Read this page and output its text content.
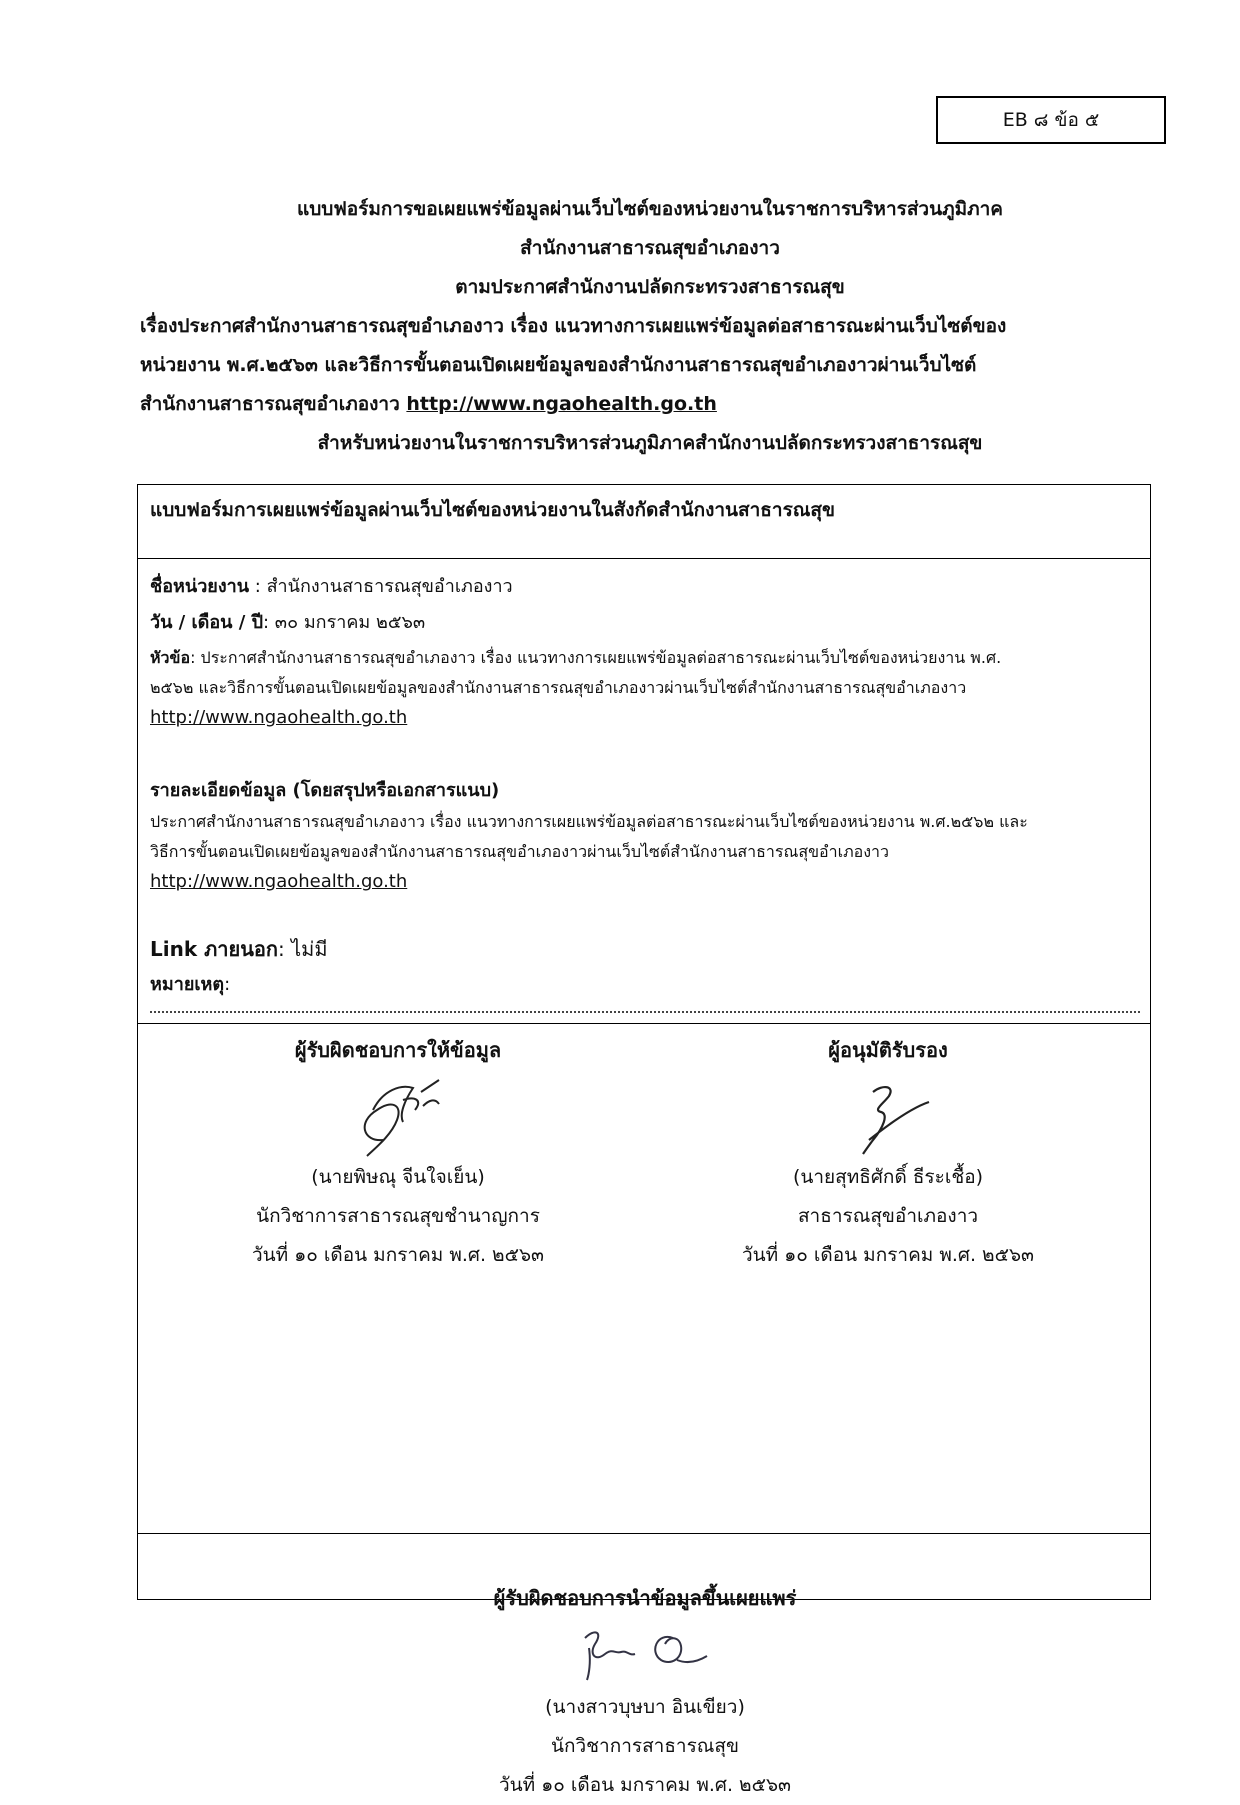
EB ๘ ข้อ ๕
แบบฟอร์มการขอเผยแพร่ข้อมูลผ่านเว็บไซต์ของหน่วยงานในราชการบริหารส่วนภูมิภาค
สำนักงานสาธารณสุขอำเภองาว
ตามประกาศสำนักงานปลัดกระทรวงสาธารณสุข
เรื่องประกาศสำนักงานสาธารณสุขอำเภองาว เรื่อง แนวทางการเผยแพร่ข้อมูลต่อสาธารณะผ่านเว็บไซต์ของ
หน่วยงาน พ.ศ.๒๕๖๓ และวิธีการขั้นตอนเปิดเผยข้อมูลของสำนักงานสาธารณสุขอำเภองาวผ่านเว็บไซต์
สำนักงานสาธารณสุขอำเภองาว http://www.ngaohealth.go.th
สำหรับหน่วยงานในราชการบริหารส่วนภูมิภาคสำนักงานปลัดกระทรวงสาธารณสุข
แบบฟอร์มการเผยแพร่ข้อมูลผ่านเว็บไซต์ของหน่วยงานในสังกัดสำนักงานสาธารณสุข
ชื่อหน่วยงาน : สำนักงานสาธารณสุขอำเภองาว
วัน / เดือน / ปี: ๓๐ มกราคม ๒๕๖๓
หัวข้อ: ประกาศสำนักงานสาธารณสุขอำเภองาว เรื่อง แนวทางการเผยแพร่ข้อมูลต่อสาธารณะผ่านเว็บไซต์ของหน่วยงาน พ.ศ.
๒๕๖๒ และวิธีการขั้นตอนเปิดเผยข้อมูลของสำนักงานสาธารณสุขอำเภองาวผ่านเว็บไซต์สำนักงานสาธารณสุขอำเภองาว
http://www.ngaohealth.go.th
รายละเอียดข้อมูล (โดยสรุปหรือเอกสารแนบ)
ประกาศสำนักงานสาธารณสุขอำเภองาว เรื่อง แนวทางการเผยแพร่ข้อมูลต่อสาธารณะผ่านเว็บไซต์ของหน่วยงาน พ.ศ.๒๕๖๒ และ
วิธีการขั้นตอนเปิดเผยข้อมูลของสำนักงานสาธารณสุขอำเภองาวผ่านเว็บไซต์สำนักงานสาธารณสุขอำเภองาว
http://www.ngaohealth.go.th
Link ภายนอก: ไม่มี
หมายเหตุ:
ผู้รับผิดชอบการให้ข้อมูล
(นายพิษณุ จีนใจเย็น)
นักวิชาการสาธารณสุขชำนาญการ
วันที่ ๑๐ เดือน มกราคม พ.ศ. ๒๕๖๓
ผู้อนุมัติรับรอง
(นายสุทธิศักดิ์ ธีระเชื้อ)
สาธารณสุขอำเภองาว
วันที่ ๑๐ เดือน มกราคม พ.ศ. ๒๕๖๓
ผู้รับผิดชอบการนำข้อมูลขึ้นเผยแพร่
(นางสาวบุษบา อินเขียว)
นักวิชาการสาธารณสุข
วันที่ ๑๐ เดือน มกราคม พ.ศ. ๒๕๖๓
